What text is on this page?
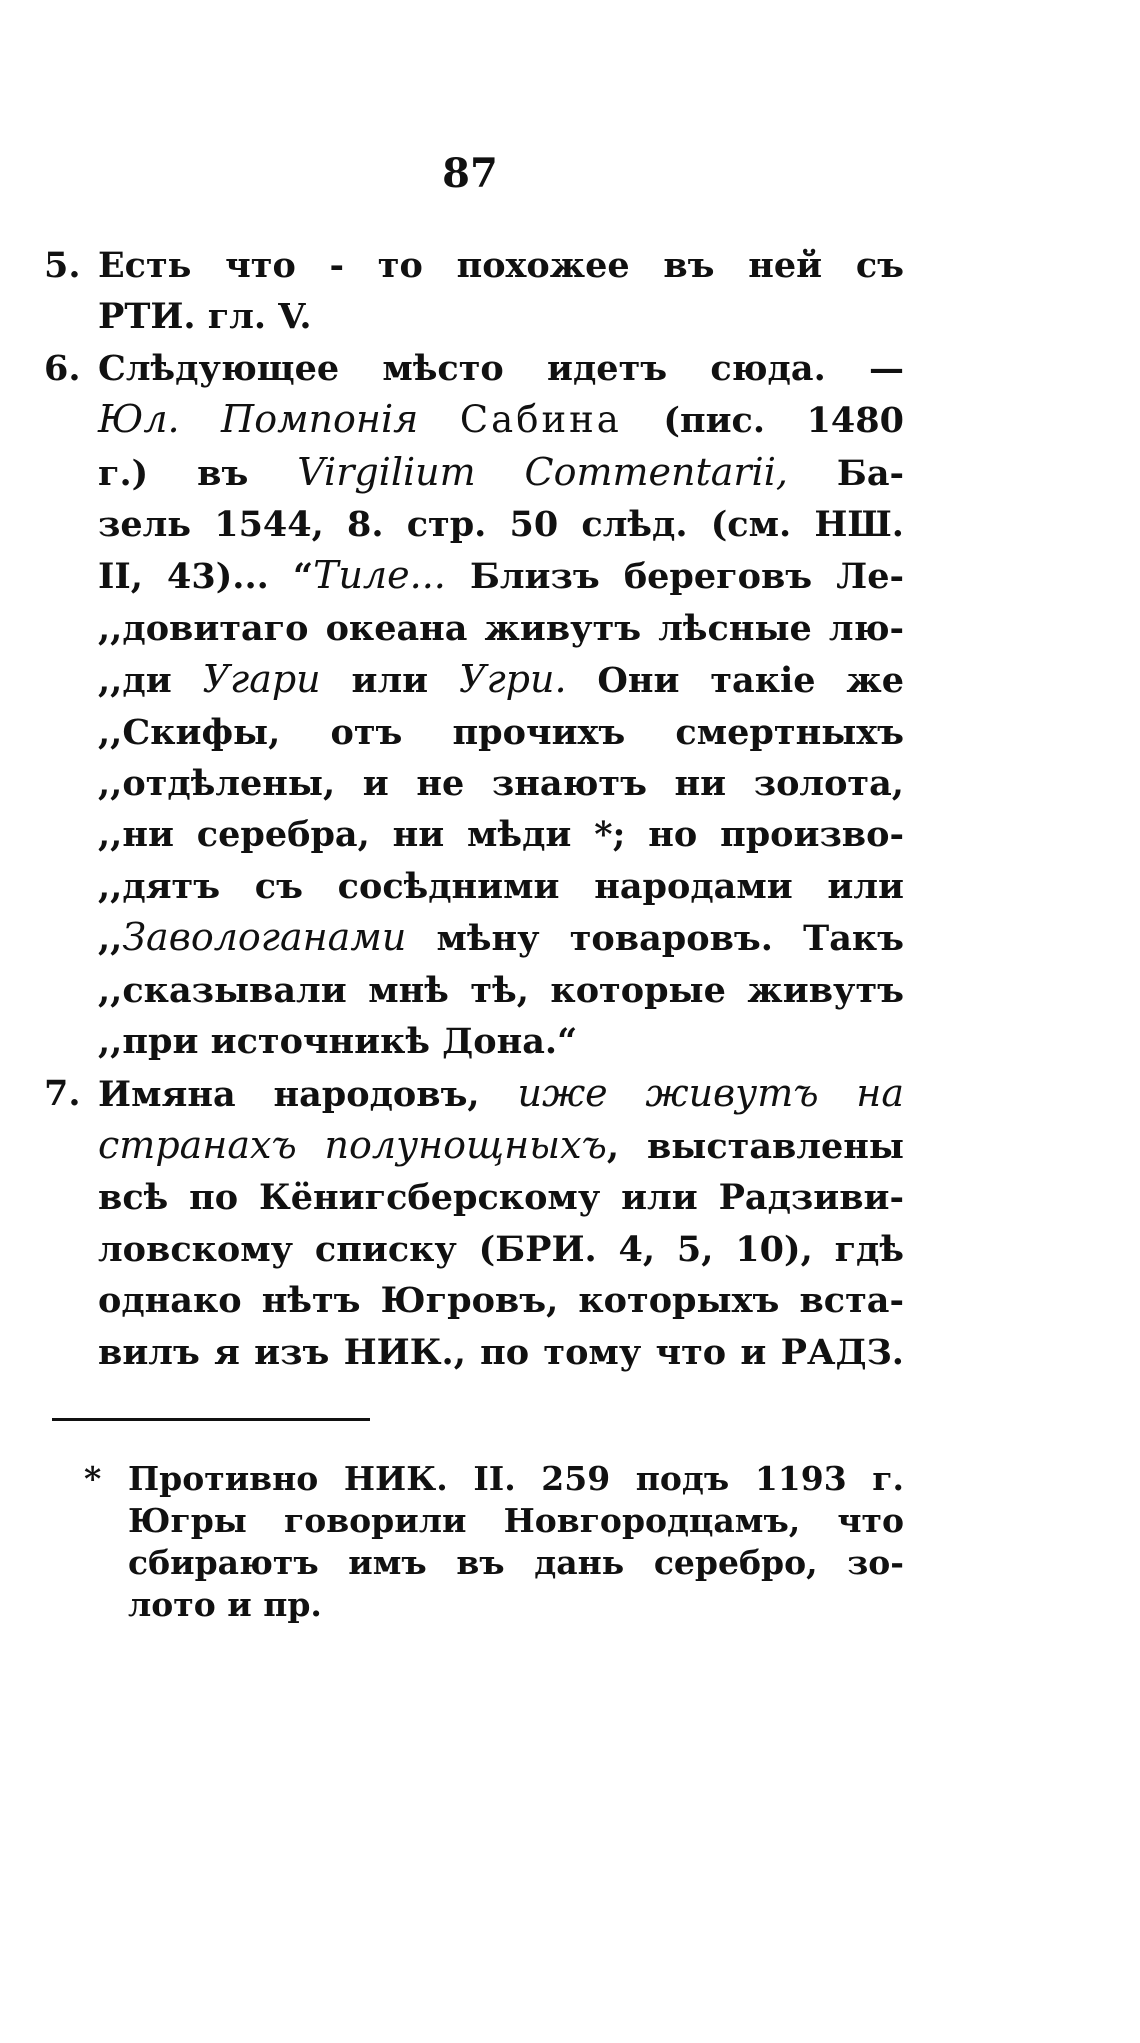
87
5. Есть что - то похожее въ ней съ
РТИ. гл. V.
6. Слѣдующее мѣсто идетъ сюда. —
Юл. Помпонія Сабина (пис. 1480
г.) въ Virgilium Commentarii, Ба-
зель 1544, 8. стр. 50 слѣд. (см. НШ.
II, 43)... “Тиле... Близъ береговъ Ле-
,,довитаго океана живутъ лѣсные лю-
,,ди Угари или Угри. Они такіе же
,,Скифы, отъ прочихъ смертныхъ
,,отдѣлены, и не знаютъ ни золота,
,,ни серебра, ни мѣди *; но произво-
,,дятъ съ сосѣдними народами или
,,Завологанами мѣну товаровъ. Такъ
,,сказывали мнѣ тѣ, которые живутъ
,,при источникѣ Дона.“
7. Имяна народовъ, иже живутъ на
странахъ полунощныхъ, выставлены
всѣ по Кёнигсберскому или Радзиви-
ловскому списку (БРИ. 4, 5, 10), гдѣ
однако нѣтъ Югровъ, которыхъ вста-
вилъ я изъ НИК., по тому что и РАДЗ.
* Противно НИК. II. 259 подъ 1193 г.
Югры говорили Новгородцамъ, что
сбираютъ имъ въ дань серебро, зо-
лото и пр.
